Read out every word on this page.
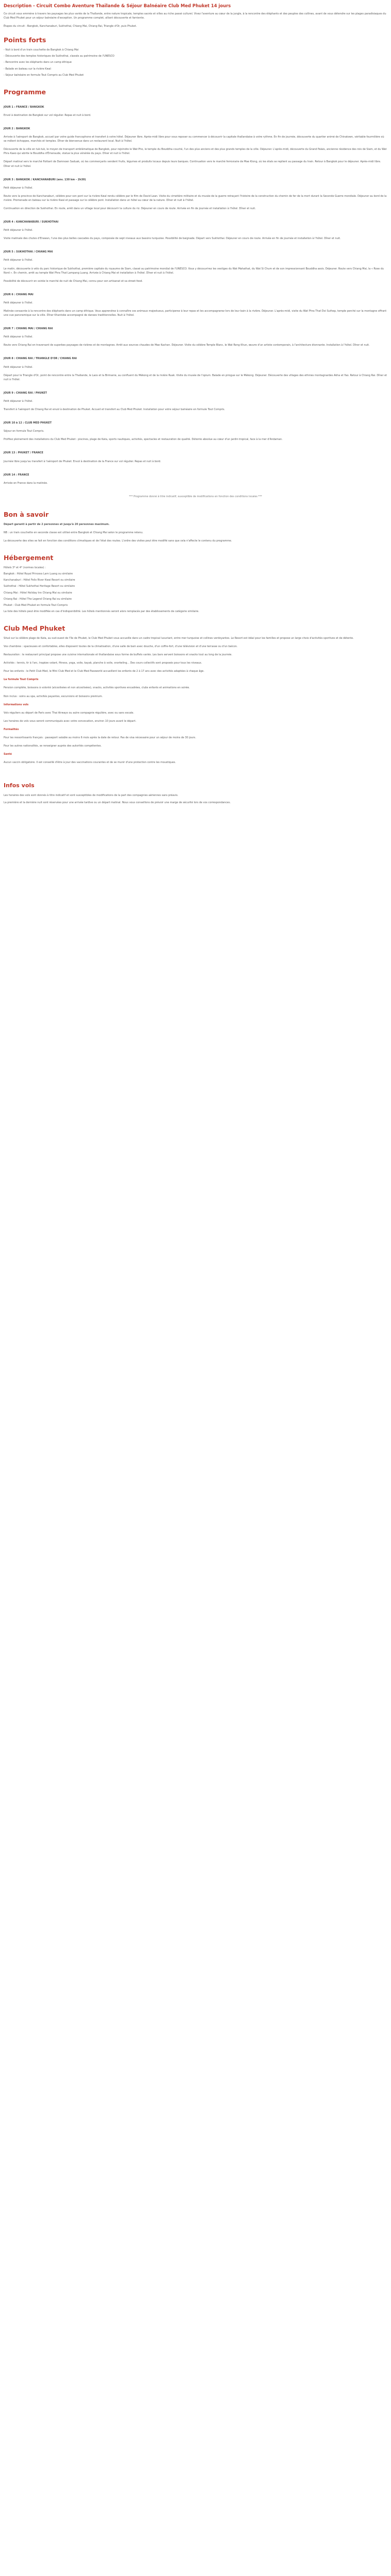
Description - Circuit Combo Aventure Thaïlande & Séjour Balnéaire Club Med Phuket 14 jours

Ce circuit vous emmène à travers les paysages les plus variés de la Thaïlande, entre nature tropicale, temples sacrés et villes au riche passé culturel. Vivez l'aventure au cœur de la jungle, à la rencontre des éléphants et des peuples des collines, avant de vous détendre sur les plages paradisiaques du Club Med Phuket pour un séjour balnéaire d'exception. Un programme complet, alliant découverte et farniente.

Étapes du circuit : Bangkok, Kanchanaburi, Sukhothai, Chiang Mai, Chiang Rai, Triangle d'Or, puis Phuket.

Points forts

- Nuit à bord d'un train couchette de Bangkok à Chiang Mai

- Découverte des temples historiques de Sukhothai, classés au patrimoine de l'UNESCO

- Rencontre avec les éléphants dans un camp éthique

- Balade en bateau sur la rivière Kwaï

- Séjour balnéaire en formule Tout Compris au Club Med Phuket

Programme

JOUR 1 : FRANCE / BANGKOK

Envol à destination de Bangkok sur vol régulier. Repas et nuit à bord.

JOUR 2 : BANGKOK

Arrivée à l'aéroport de Bangkok, accueil par votre guide francophone et transfert à votre hôtel. Déjeuner libre. Après-midi libre pour vous reposer ou commencer à découvrir la capitale thaïlandaise à votre rythme. En fin de journée, découverte du quartier animé de Chinatown, véritable fourmilière où se mêlent échoppes, marchés et temples. Dîner de bienvenue dans un restaurant local. Nuit à l'hôtel.

Découverte de la ville en tuk-tuk, le moyen de transport emblématique de Bangkok, pour rejoindre le Wat Pho, le temple du Bouddha couché, l'un des plus anciens et des plus grands temples de la ville. Déjeuner. L'après-midi, découverte du Grand Palais, ancienne résidence des rois de Siam, et du Wat Phra Kaeo qui abrite le Bouddha d'Émeraude, statue la plus vénérée du pays. Dîner et nuit à l'hôtel.

Départ matinal vers le marché flottant de Damnoen Saduak, où les commerçants vendent fruits, légumes et produits locaux depuis leurs barques. Continuation vers le marché ferroviaire de Mae Klong, où les étals se replient au passage du train. Retour à Bangkok pour le déjeuner. Après-midi libre. Dîner et nuit à l'hôtel.

JOUR 3 : BANGKOK / KANCHANABURI (env. 130 km - 2h30)

Petit déjeuner à l'hôtel.

Route vers la province de Kanchanaburi, célèbre pour son pont sur la rivière Kwaï rendu célèbre par le film de David Lean. Visite du cimetière militaire et du musée de la guerre retraçant l'histoire de la construction du chemin de fer de la mort durant la Seconde Guerre mondiale. Déjeuner au bord de la rivière. Promenade en bateau sur la rivière Kwaï et passage sur le célèbre pont. Installation dans un hôtel au cœur de la nature. Dîner et nuit à l'hôtel.

Continuation en direction de Sukhothai. En route, arrêt dans un village local pour découvrir la culture du riz. Déjeuner en cours de route. Arrivée en fin de journée et installation à l'hôtel. Dîner et nuit.

JOUR 4 : KANCHANABURI / SUKHOTHAI

Petit déjeuner à l'hôtel.

Visite matinale des chutes d'Erawan, l'une des plus belles cascades du pays, composée de sept niveaux aux bassins turquoise. Possibilité de baignade. Départ vers Sukhothai. Déjeuner en cours de route. Arrivée en fin de journée et installation à l'hôtel. Dîner et nuit.

JOUR 5 : SUKHOTHAI / CHIANG MAI

Petit déjeuner à l'hôtel.

Le matin, découverte à vélo du parc historique de Sukhothai, première capitale du royaume de Siam, classé au patrimoine mondial de l'UNESCO. Vous y découvrirez les vestiges du Wat Mahathat, du Wat Si Chum et de son impressionnant Bouddha assis. Déjeuner. Route vers Chiang Mai, la « Rose du Nord ». En chemin, arrêt au temple Wat Phra That Lampang Luang. Arrivée à Chiang Mai et installation à l'hôtel. Dîner et nuit à l'hôtel.

Possibilité de découvrir en soirée le marché de nuit de Chiang Mai, connu pour son artisanat et sa street-food.

JOUR 6 : CHIANG MAI

Petit déjeuner à l'hôtel.

Matinée consacrée à la rencontre des éléphants dans un camp éthique. Vous apprendrez à connaître ces animaux majestueux, participerez à leur repas et les accompagnerez lors de leur bain à la rivière. Déjeuner. L'après-midi, visite du Wat Phra That Doi Suthep, temple perché sur la montagne offrant une vue panoramique sur la ville. Dîner Khantoke accompagné de danses traditionnelles. Nuit à l'hôtel.

JOUR 7 : CHIANG MAI / CHIANG RAI

Petit déjeuner à l'hôtel.

Route vers Chiang Rai en traversant de superbes paysages de rizières et de montagnes. Arrêt aux sources chaudes de Mae Kachan. Déjeuner. Visite du célèbre Temple Blanc, le Wat Rong Khun, œuvre d'un artiste contemporain, à l'architecture étonnante. Installation à l'hôtel. Dîner et nuit.

JOUR 8 : CHIANG RAI / TRIANGLE D'OR / CHIANG RAI

Petit déjeuner à l'hôtel.

Départ pour le Triangle d'Or, point de rencontre entre la Thaïlande, le Laos et la Birmanie, au confluent du Mékong et de la rivière Ruak. Visite du musée de l'opium. Balade en pirogue sur le Mékong. Déjeuner. Découverte des villages des ethnies montagnardes Akha et Yao. Retour à Chiang Rai. Dîner et nuit à l'hôtel.

JOUR 9 : CHIANG RAI / PHUKET

Petit déjeuner à l'hôtel.

Transfert à l'aéroport de Chiang Rai et envol à destination de Phuket. Accueil et transfert au Club Med Phuket. Installation pour votre séjour balnéaire en formule Tout Compris.

JOUR 10 à 12 : CLUB MED PHUKET

Séjour en formule Tout Compris.

Profitez pleinement des installations du Club Med Phuket : piscines, plage de Kata, sports nautiques, activités, spectacles et restauration de qualité. Détente absolue au cœur d'un jardin tropical, face à la mer d'Andaman.

JOUR 13 : PHUKET / FRANCE

Journée libre jusqu'au transfert à l'aéroport de Phuket. Envol à destination de la France sur vol régulier. Repas et nuit à bord.

JOUR 14 : FRANCE

Arrivée en France dans la matinée.

*** Programme donné à titre indicatif, susceptible de modifications en fonction des conditions locales ***

Bon à savoir

Départ garanti à partir de 2 personnes et jusqu'à 20 personnes maximum.

NB : un train couchette en seconde classe est utilisé entre Bangkok et Chiang Mai selon le programme retenu.

La découverte des sites se fait en fonction des conditions climatiques et de l'état des routes. L'ordre des visites peut être modifié sans que cela n'affecte le contenu du programme.

Hébergement

Hôtels 3* et 4* (normes locales) :

Bangkok : Hôtel Royal Princess Larn Luang ou similaire

Kanchanaburi : Hôtel Felix River Kwai Resort ou similaire

Sukhothai : Hôtel Sukhothai Heritage Resort ou similaire

Chiang Mai : Hôtel Holiday Inn Chiang Mai ou similaire

Chiang Rai : Hôtel The Legend Chiang Rai ou similaire

Phuket : Club Med Phuket en formule Tout Compris

La liste des hôtels peut être modifiée en cas d'indisponibilité. Les hôtels mentionnés seront alors remplacés par des établissements de catégorie similaire.

Club Med Phuket

Situé sur la célèbre plage de Kata, au sud-ouest de l'île de Phuket, le Club Med Phuket vous accueille dans un cadre tropical luxuriant, entre mer turquoise et collines verdoyantes. Le Resort est idéal pour les familles et propose un large choix d'activités sportives et de détente.

Vos chambres : spacieuses et confortables, elles disposent toutes de la climatisation, d'une salle de bain avec douche, d'un coffre-fort, d'une télévision et d'une terrasse ou d'un balcon.

Restauration : le restaurant principal propose une cuisine internationale et thaïlandaise sous forme de buffets variés. Les bars servent boissons et snacks tout au long de la journée.

Activités : tennis, tir à l'arc, trapèze volant, fitness, yoga, voile, kayak, planche à voile, snorkeling... Des cours collectifs sont proposés pour tous les niveaux.

Pour les enfants : le Petit Club Med, le Mini Club Med et le Club Med Passworld accueillent les enfants de 2 à 17 ans avec des activités adaptées à chaque âge.

La formule Tout Compris

Pension complète, boissons à volonté (alcoolisées et non alcoolisées), snacks, activités sportives encadrées, clubs enfants et animations en soirée.

Non inclus : soins au spa, activités payantes, excursions et boissons premium.

Informations vols

Vols réguliers au départ de Paris avec Thai Airways ou autre compagnie régulière, avec ou sans escale.

Les horaires de vols vous seront communiqués avec votre convocation, environ 10 jours avant le départ.

Formalités

Pour les ressortissants français : passeport valable au moins 6 mois après la date de retour. Pas de visa nécessaire pour un séjour de moins de 30 jours.

Pour les autres nationalités, se renseigner auprès des autorités compétentes.

Santé

Aucun vaccin obligatoire. Il est conseillé d'être à jour des vaccinations courantes et de se munir d'une protection contre les moustiques.

Infos vols

Les horaires des vols sont donnés à titre indicatif et sont susceptibles de modifications de la part des compagnies aériennes sans préavis.

La première et la dernière nuit sont réservées pour une arrivée tardive ou un départ matinal. Nous vous conseillons de prévoir une marge de sécurité lors de vos correspondances.
